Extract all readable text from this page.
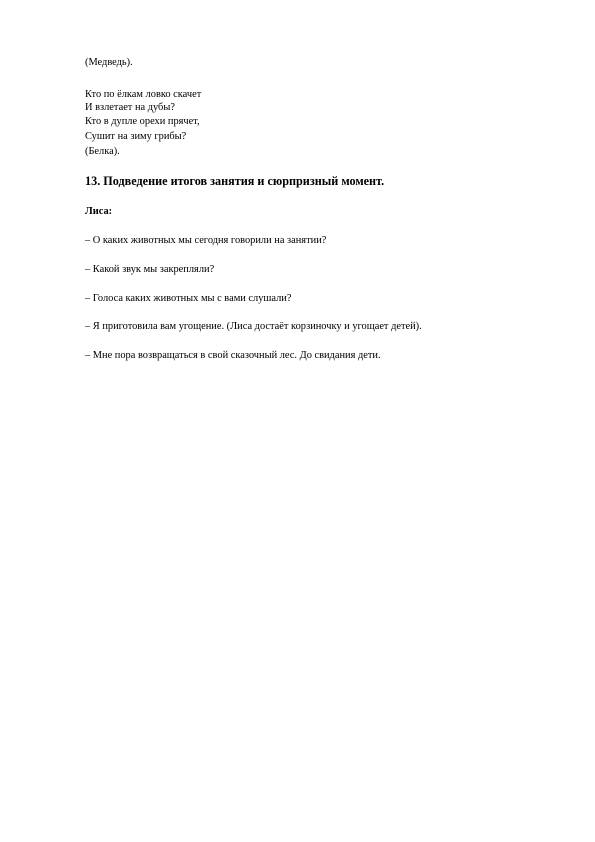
(Медведь).

Кто по ёлкам ловко скачет

И взлетает на дубы?

Кто в дупле орехи прячет,

Сушит на зиму грибы?

(Белка).

13. Подведение итогов занятия и сюрпризный момент.

Лиса:

– О каких животных мы сегодня говорили на занятии?

– Какой звук мы закрепляли?

– Голоса каких животных мы с вами слушали?

– Я приготовила вам угощение. (Лиса достаёт корзиночку и угощает детей).

– Мне пора возвращаться в свой сказочный лес. До свидания дети.
